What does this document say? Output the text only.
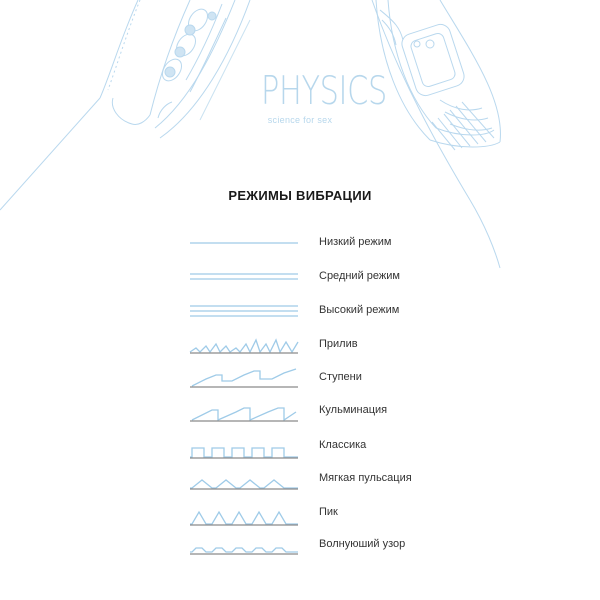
PHYSICS
science for sex
РЕЖИМЫ ВИБРАЦИИ
Низкий режим
Средний режим
Высокий режим
Прилив
Ступени
Кульминация
Классика
Мягкая пульсация
Пик
Волнуюший узор
